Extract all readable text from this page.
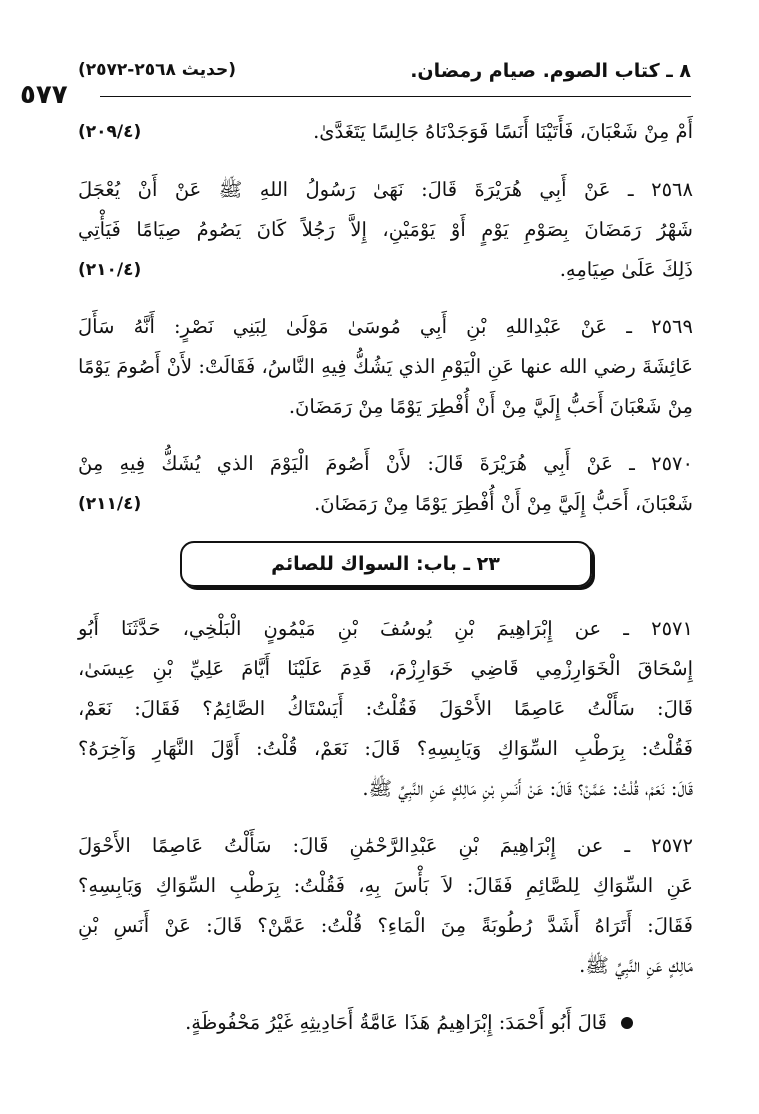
٨ ـ كتاب الصوم. صيام رمضان.
(حديث ٢٥٦٨-٢٥٧٢)
٥٧٧
أَمْ مِنْ شَعْبَانَ، فَأَتَيْنَا أَنَسًا فَوَجَدْنَاهُ جَالِسًا يَتَغَدَّىٰ.
(٢٠٩/٤)
٢٥٦٨ ـ عَنْ أَبِي هُرَيْرَةَ قَالَ: نَهَىٰ رَسُولُ اللهِ ﷺ عَنْ أَنْ يُعْجَلَ
شَهْرُ رَمَضَانَ بِصَوْمِ يَوْمٍ أَوْ يَوْمَيْنِ، إِلاَّ رَجُلاً كَانَ يَصُومُ صِيَامًا فَيَأْتِي
ذَلِكَ عَلَىٰ صِيَامِهِ.
(٢١٠/٤)
٢٥٦٩ ـ عَنْ عَبْدِاللهِ بْنِ أَبِي مُوسَىٰ مَوْلَىٰ لِبَنِي نَصْرٍ: أَنَّهُ سَأَلَ
عَائِشَةَ رضي الله عنها عَنِ الْيَوْمِ الذي يَشُكُّ فِيهِ النَّاسُ، فَقَالَتْ: لأَنْ أَصُومَ يَوْمًا
مِنْ شَعْبَانَ أَحَبُّ إِلَيَّ مِنْ أَنْ أُفْطِرَ يَوْمًا مِنْ رَمَضَانَ.
٢٥٧٠ ـ عَنْ أَبِي هُرَيْرَةَ قَالَ: لأَنْ أَصُومَ الْيَوْمَ الذي يُشَكُّ فِيهِ مِنْ
شَعْبَانَ، أَحَبُّ إِلَيَّ مِنْ أَنْ أُفْطِرَ يَوْمًا مِنْ رَمَضَانَ.
(٢١١/٤)
٢٣ ـ باب: السواك للصائم
٢٥٧١ ـ عن إِبْرَاهِيمَ بْنِ يُوسُفَ بْنِ مَيْمُونٍ الْبَلْخِي، حَدَّثَنَا أَبُو
إِسْحَاقَ الْخَوَارِزْمِي قَاضِي خَوَارِزْمَ، قَدِمَ عَلَيْنَا أَيَّامَ عَلِيِّ بْنِ عِيسَىٰ،
قَالَ: سَأَلْتُ عَاصِمًا الأَحْوَلَ فَقُلْتُ: أَيَسْتَاكُ الصَّائِمُ؟ فَقَالَ: نَعَمْ،
فَقُلْتُ: بِرَطْبِ السِّوَاكِ وَيَابِسِهِ؟ قَالَ: نَعَمْ، قُلْتُ: أَوَّلَ النَّهَارِ وَآخِرَهُ؟
قَالَ: نَعَمْ، قُلْتُ: عَمَّنْ؟ قَالَ: عَنْ أَنَسِ بْنِ مَالِكٍ عَنِ النَّبِيِّ ﷺ.
٢٥٧٢ ـ عن إِبْرَاهِيمَ بْنِ عَبْدِالرَّحْمَٰنِ قَالَ: سَأَلْتُ عَاصِمًا الأَحْوَلَ
عَنِ السِّوَاكِ لِلصَّائِمِ فَقَالَ: لاَ بَأْسَ بِهِ، فَقُلْتُ: بِرَطْبِ السِّوَاكِ وَيَابِسِهِ؟
فَقَالَ: أَتَرَاهُ أَشَدَّ رُطُوبَةً مِنَ الْمَاءِ؟ قُلْتُ: عَمَّنْ؟ قَالَ: عَنْ أَنَسِ بْنِ
مَالِكٍ عَنِ النَّبِيِّ ﷺ.
قَالَ أَبُو أَحْمَدَ: إِبْرَاهِيمُ هَذَا عَامَّةُ أَحَادِيثِهِ غَيْرُ مَحْفُوظَةٍ.
